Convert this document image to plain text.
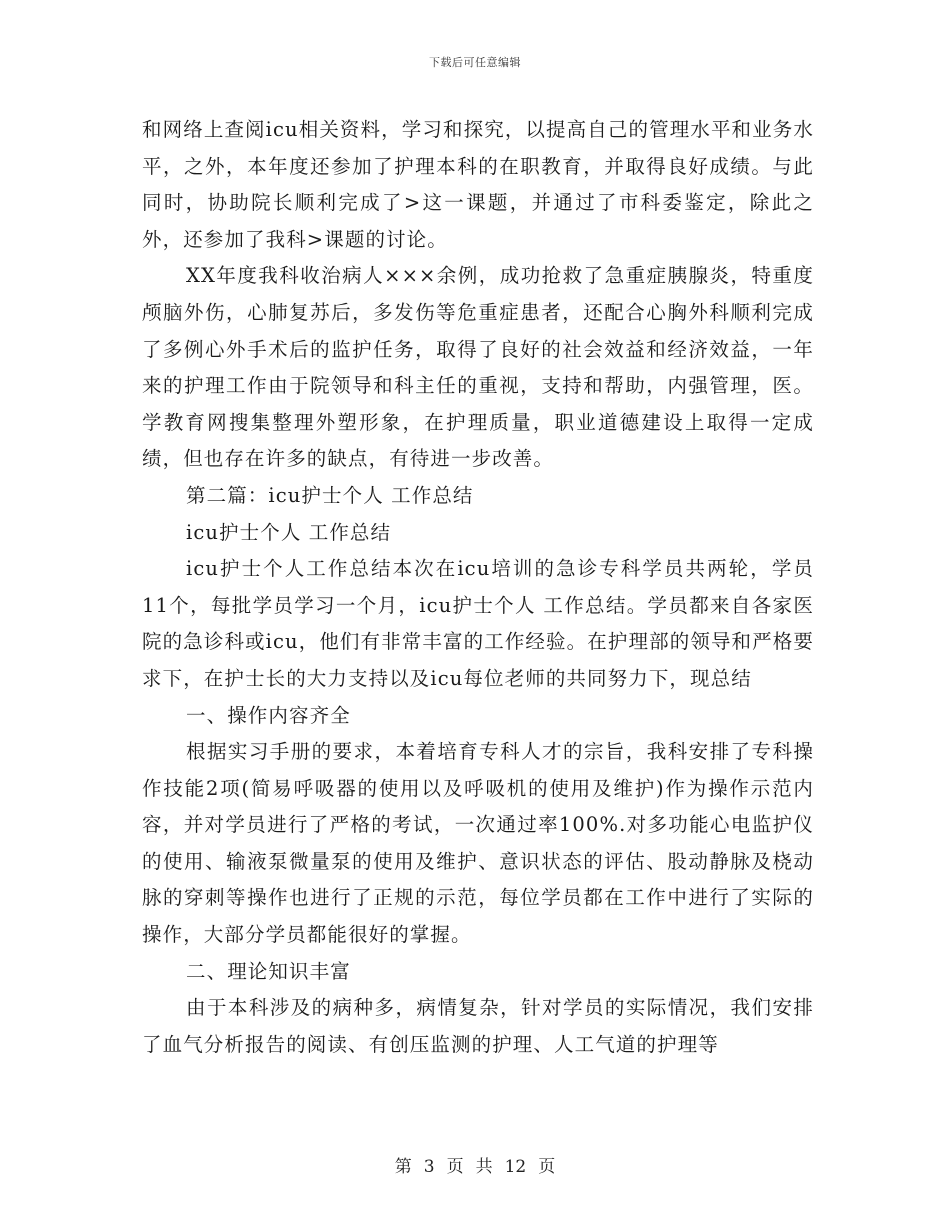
下载后可任意编辑

和网络上查阅icu相关资料，学习和探究，以提高自己的管理水平和业务水平，之外，本年度还参加了护理本科的在职教育，并取得良好成绩。与此同时，协助院长顺利完成了>这一课题，并通过了市科委鉴定，除此之外，还参加了我科>课题的讨论。

XX年度我科收治病人×××余例，成功抢救了急重症胰腺炎，特重度颅脑外伤，心肺复苏后，多发伤等危重症患者，还配合心胸外科顺利完成了多例心外手术后的监护任务，取得了良好的社会效益和经济效益，一年来的护理工作由于院领导和科主任的重视，支持和帮助，内强管理，医。学教育网搜集整理外塑形象，在护理质量，职业道德建设上取得一定成绩，但也存在许多的缺点，有待进一步改善。

第二篇：icu护士个人 工作总结

icu护士个人 工作总结

icu护士个人工作总结本次在icu培训的急诊专科学员共两轮，学员11个，每批学员学习一个月，icu护士个人 工作总结。学员都来自各家医院的急诊科或icu，他们有非常丰富的工作经验。在护理部的领导和严格要求下，在护士长的大力支持以及icu每位老师的共同努力下，现总结

一、操作内容齐全

根据实习手册的要求，本着培育专科人才的宗旨，我科安排了专科操作技能2项(简易呼吸器的使用以及呼吸机的使用及维护)作为操作示范内容，并对学员进行了严格的考试，一次通过率100%.对多功能心电监护仪的使用、输液泵微量泵的使用及维护、意识状态的评估、股动静脉及桡动脉的穿刺等操作也进行了正规的示范，每位学员都在工作中进行了实际的操作，大部分学员都能很好的掌握。

二、理论知识丰富

由于本科涉及的病种多，病情复杂，针对学员的实际情况，我们安排了血气分析报告的阅读、有创压监测的护理、人工气道的护理等

第 3 页 共 12 页
